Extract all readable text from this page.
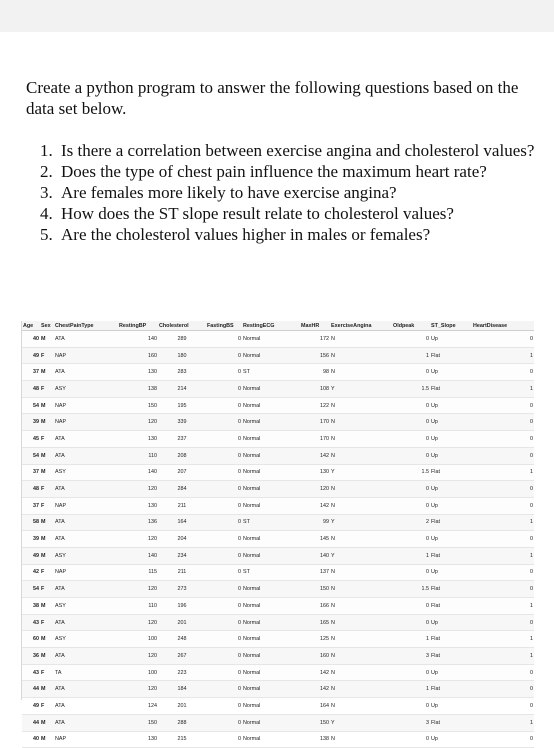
Create a python program to answer the following questions based on the data set below.
1. Is there a correlation between exercise angina and cholesterol values?
2. Does the type of chest pain influence the maximum heart rate?
3. Are females more likely to have exercise angina?
4. How does the ST slope result relate to cholesterol values?
5. Are the cholesterol values higher in males or females?
Age	Sex	ChestPainType	RestingBP	Cholesterol	FastingBS	RestingECG	MaxHR	ExerciseAngina	Oldpeak	ST_Slope	HeartDisease
40	M	ATA	140	289	0	Normal	172	N	0	Up	0
49	F	NAP	160	180	0	Normal	156	N	1	Flat	1
37	M	ATA	130	283	0	ST	98	N	0	Up	0
48	F	ASY	138	214	0	Normal	108	Y	1.5	Flat	1
54	M	NAP	150	195	0	Normal	122	N	0	Up	0
39	M	NAP	120	339	0	Normal	170	N	0	Up	0
45	F	ATA	130	237	0	Normal	170	N	0	Up	0
54	M	ATA	110	208	0	Normal	142	N	0	Up	0
37	M	ASY	140	207	0	Normal	130	Y	1.5	Flat	1
48	F	ATA	120	284	0	Normal	120	N	0	Up	0
37	F	NAP	130	211	0	Normal	142	N	0	Up	0
58	M	ATA	136	164	0	ST	99	Y	2	Flat	1
39	M	ATA	120	204	0	Normal	145	N	0	Up	0
49	M	ASY	140	234	0	Normal	140	Y	1	Flat	1
42	F	NAP	115	211	0	ST	137	N	0	Up	0
54	F	ATA	120	273	0	Normal	150	N	1.5	Flat	0
38	M	ASY	110	196	0	Normal	166	N	0	Flat	1
43	F	ATA	120	201	0	Normal	165	N	0	Up	0
60	M	ASY	100	248	0	Normal	125	N	1	Flat	1
36	M	ATA	120	267	0	Normal	160	N	3	Flat	1
43	F	TA	100	223	0	Normal	142	N	0	Up	0
44	M	ATA	120	184	0	Normal	142	N	1	Flat	0
49	F	ATA	124	201	0	Normal	164	N	0	Up	0
44	M	ATA	150	288	0	Normal	150	Y	3	Flat	1
40	M	NAP	130	215	0	Normal	138	N	0	Up	0
